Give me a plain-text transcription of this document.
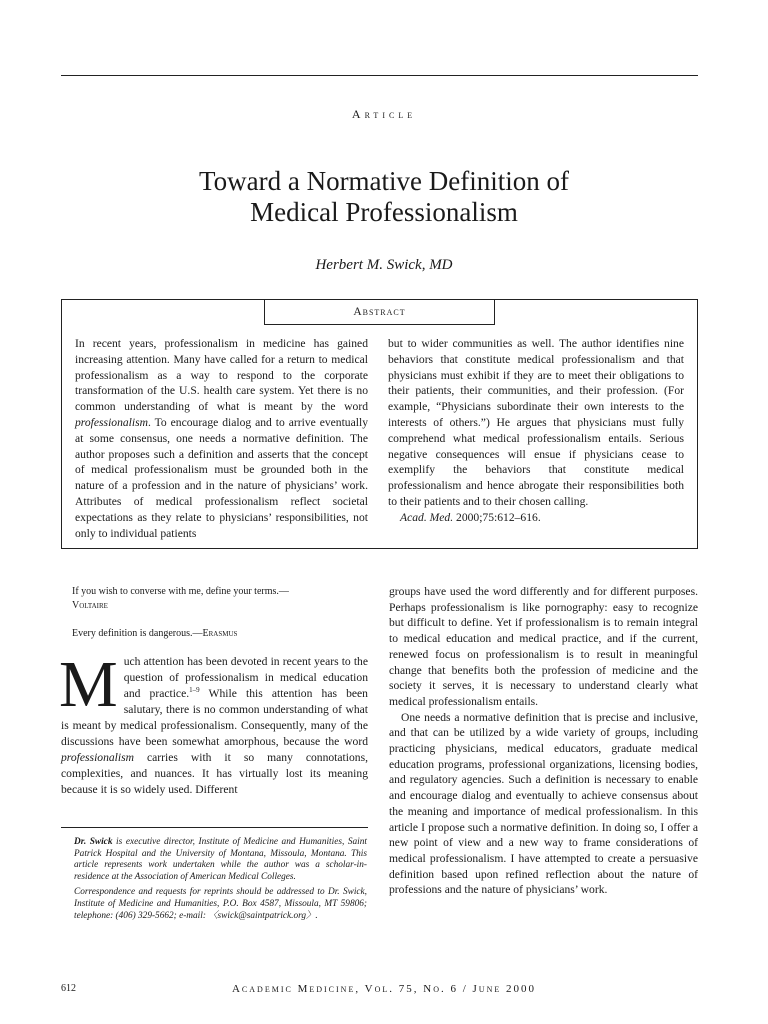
Article
Toward a Normative Definition of
Medical Professionalism
Herbert M. Swick, MD
Abstract

In recent years, professionalism in medicine has gained increasing attention. Many have called for a return to medical professionalism as a way to respond to the corporate transformation of the U.S. health care system. Yet there is no common understanding of what is meant by the word professionalism. To encourage dialog and to arrive eventually at some consensus, one needs a normative definition. The author proposes such a definition and asserts that the concept of medical professionalism must be grounded both in the nature of a profession and in the nature of physicians’ work. Attributes of medical professionalism reflect societal expectations as they relate to physicians’ responsibilities, not only to individual patients

but to wider communities as well. The author identifies nine behaviors that constitute medical professionalism and that physicians must exhibit if they are to meet their obligations to their patients, their communities, and their profession. (For example, “Physicians subordinate their own interests to the interests of others.”) He argues that physicians must fully comprehend what medical professionalism entails. Serious negative consequences will ensue if physicians cease to exemplify the behaviors that constitute medical professionalism and hence abrogate their responsibilities both to their patients and to their chosen calling.

Acad. Med. 2000;75:612–616.

If you wish to converse with me, define your terms.—
Voltaire

Every definition is dangerous.—Erasmus

Much attention has been devoted in recent years to the question of professionalism in medical education and practice.$^{1-9}$ While this attention has been salutary, there is no common understanding of what is meant by medical professionalism. Consequently, many of the discussions have been somewhat amorphous, because the word professionalism carries with it so many connotations, complexities, and nuances. It has virtually lost its meaning because it is so widely used. Different

Dr. Swick is executive director, Institute of Medicine and Humanities, Saint Patrick Hospital and the University of Montana, Missoula, Montana. This article represents work undertaken while the author was a scholar-in-residence at the Association of American Medical Colleges.

Correspondence and requests for reprints should be addressed to Dr. Swick, Institute of Medicine and Humanities, P.O. Box 4587, Missoula, MT 59806; telephone: (406) 329-5662; e-mail: 〈swick@saintpatrick.org〉.

groups have used the word differently and for different purposes. Perhaps professionalism is like pornography: easy to recognize but difficult to define. Yet if professionalism is to remain integral to medical education and medical practice, and if the current, renewed focus on professionalism is to result in meaningful change that benefits both the profession of medicine and the society it serves, it is necessary to understand clearly what medical professionalism entails.

One needs a normative definition that is precise and inclusive, and that can be utilized by a wide variety of groups, including practicing physicians, medical educators, graduate medical education programs, professional organizations, licensing bodies, and regulatory agencies. Such a definition is necessary to enable and encourage dialog and eventually to achieve consensus about the meaning and importance of medical professionalism. In this article I propose such a normative definition. In doing so, I offer a new point of view and a new way to frame considerations of medical professionalism. I have attempted to create a persuasive definition based upon refined reflection about the nature of professions and the nature of physicians’ work.

612	Academic Medicine, Vol. 75, No. 6 / June 2000
